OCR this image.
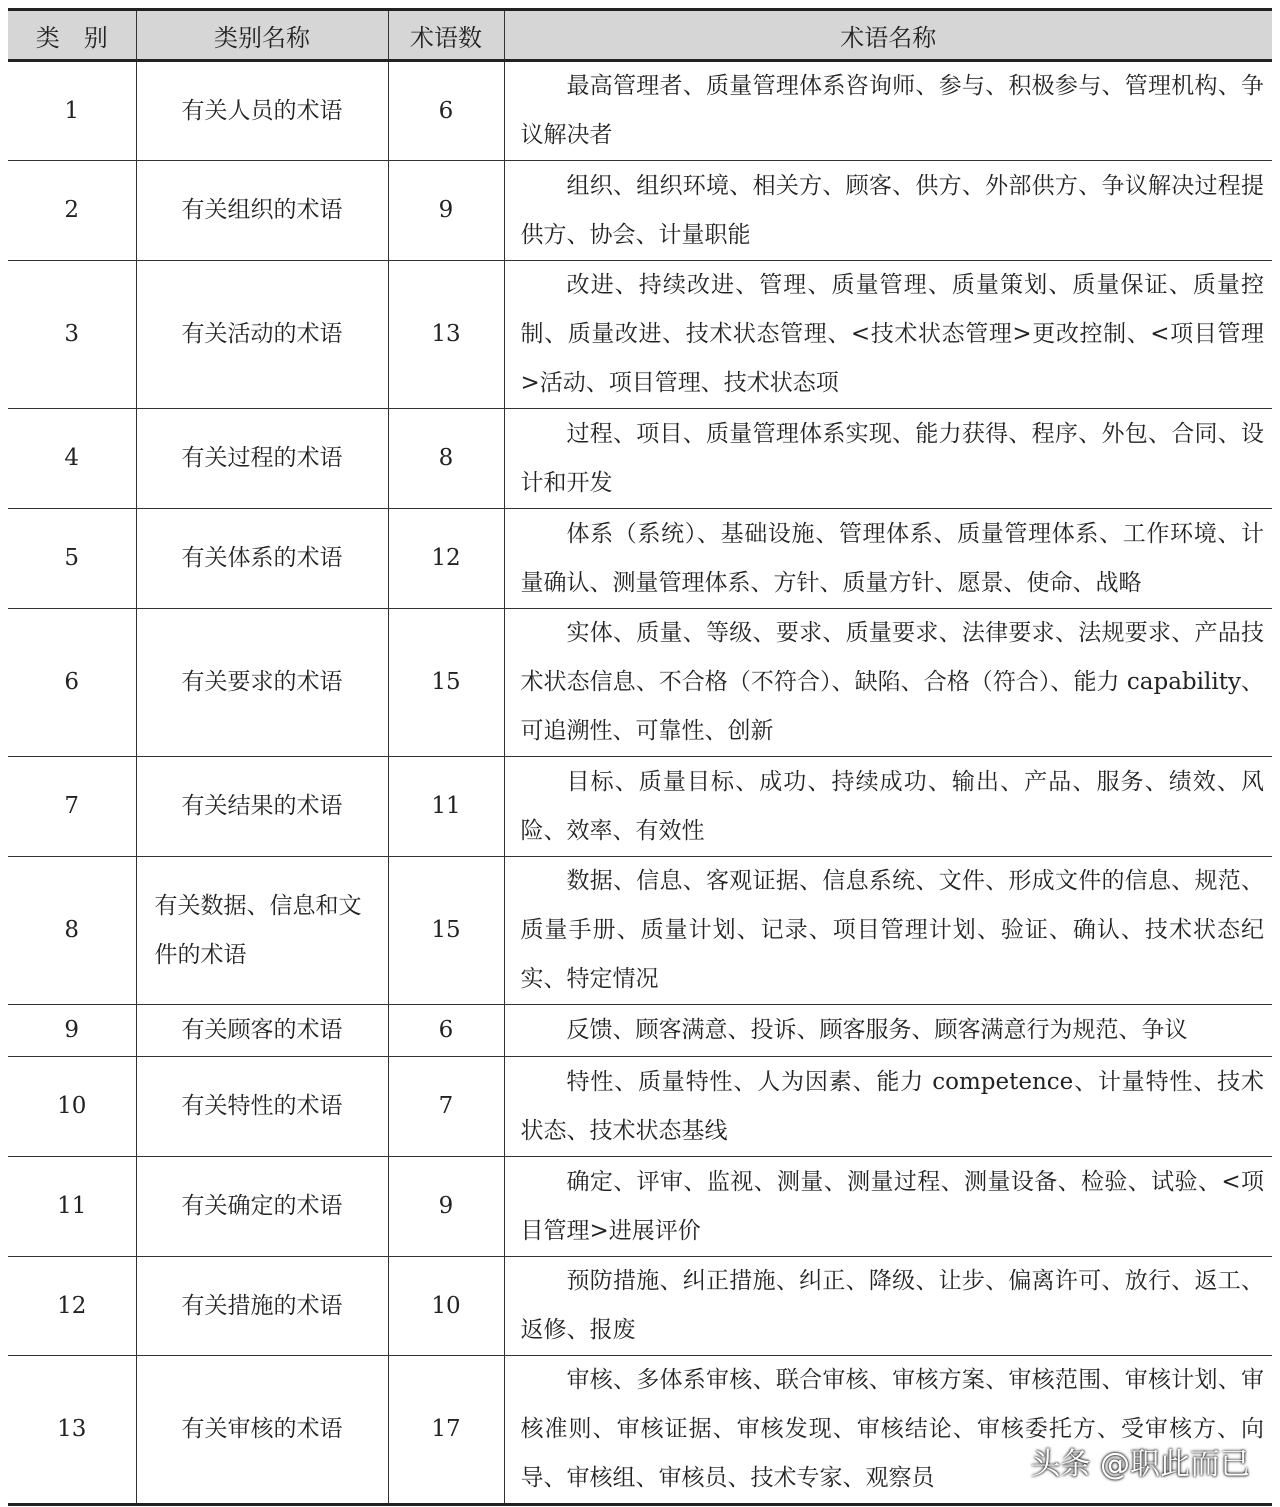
类　别	类别名称	术语数	术语名称
1	有关人员的术语	6	最高管理者、质量管理体系咨询师、参与、积极参与、管理机构、争议解决者
2	有关组织的术语	9	组织、组织环境、相关方、顾客、供方、外部供方、争议解决过程提供方、协会、计量职能
3	有关活动的术语	13	改进、持续改进、管理、质量管理、质量策划、质量保证、质量控制、质量改进、技术状态管理、<技术状态管理>更改控制、<项目管理>活动、项目管理、技术状态项
4	有关过程的术语	8	过程、项目、质量管理体系实现、能力获得、程序、外包、合同、设计和开发
5	有关体系的术语	12	体系（系统）、基础设施、管理体系、质量管理体系、工作环境、计量确认、测量管理体系、方针、质量方针、愿景、使命、战略
6	有关要求的术语	15	实体、质量、等级、要求、质量要求、法律要求、法规要求、产品技术状态信息、不合格（不符合）、缺陷、合格（符合）、能力 capability、可追溯性、可靠性、创新
7	有关结果的术语	11	目标、质量目标、成功、持续成功、输出、产品、服务、绩效、风险、效率、有效性
8	有关数据、信息和文件的术语	15	数据、信息、客观证据、信息系统、文件、形成文件的信息、规范、质量手册、质量计划、记录、项目管理计划、验证、确认、技术状态纪实、特定情况
9	有关顾客的术语	6	反馈、顾客满意、投诉、顾客服务、顾客满意行为规范、争议
10	有关特性的术语	7	特性、质量特性、人为因素、能力 competence、计量特性、技术状态、技术状态基线
11	有关确定的术语	9	确定、评审、监视、测量、测量过程、测量设备、检验、试验、<项目管理>进展评价
12	有关措施的术语	10	预防措施、纠正措施、纠正、降级、让步、偏离许可、放行、返工、返修、报废
13	有关审核的术语	17	审核、多体系审核、联合审核、审核方案、审核范围、审核计划、审核准则、审核证据、审核发现、审核结论、审核委托方、受审核方、向导、审核组、审核员、技术专家、观察员	头条 @职此而已
